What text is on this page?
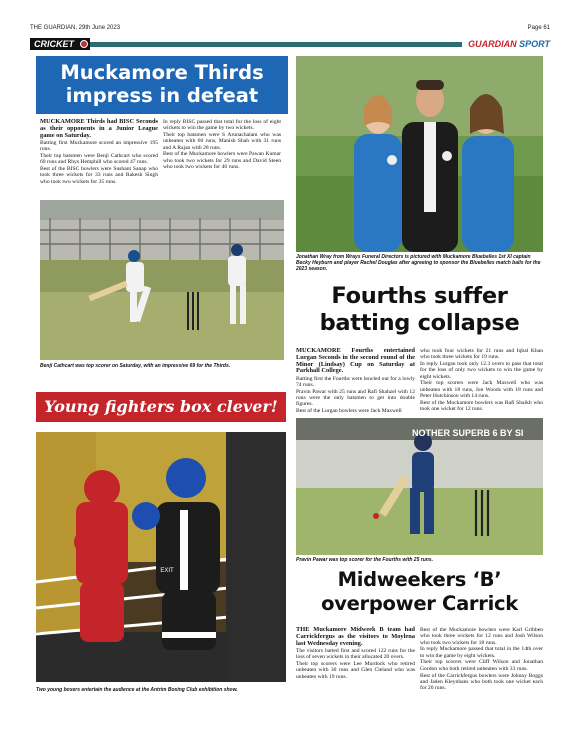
THE GUARDIAN, 29th June 2023	Page 61
CRICKET	GUARDIAN SPORT
Muckamore Thirds impress in defeat

MUCKAMORE Thirds had BISC Seconds as their opponents in a Junior League game on Saturday.

Batting first Muckamore scored an impressive 195 runs.

Their top batsmen were Benji Cathcart who scored 69 runs and Rhys Hemphill who scored 47 runs.

Best of the BISC bowlers were Sushant Sanap who took three wickets for 33 runs and Rakesh Singh who took two wickets for 35 runs.

In reply BISC passed that total for the loss of eight wickets to win the game by two wickets.

Their top batsmen were S Arunachalam who was unbeaten with 60 runs, Manish Shah with 31 runs and A Rajan with 28 runs.

Best of the Muckamore bowlers were Pawan Kumar who took two wickets for 29 runs and David Steen who took two wickets for 46 runs.

Benji Cathcart was top scorer on Saturday, with an impressive 69 for the Thirds.
Jonathan Wray from Wrays Funeral Directors is pictured with Muckamore Bluebelles 1st XI captain Becky Heyburn and player Rachel Douglas after agreeing to sponsor the Bluebelles match balls for the 2023 season.
Fourths suffer batting collapse

MUCKAMORE Fourths entertained Lurgan Seconds in the second round of the Minor (Lindsay) Cup on Saturday at Parkhall College.

Batting first the Fourths were bowled out for a lowly 74 runs.

Pravin Pawar with 25 runs and Rafi Shahzel with 12 runs were the only batsmen to get into double figures.

Best of the Lurgan bowlers were Jack Maxwell

who took four wickets for 21 runs and Iqbal Khan who took three wickets for 19 runs.

In reply Lurgan took only 12.3 overs to pass that total for the loss of only two wickets to win the game by eight wickets.

Their top scorers were Jack Maxwell who was unbeaten with 18 runs, Jon Woods with 18 runs and Peter Hutchinson with 14 runs.

Best of the Muckamore bowlers was Rafi Shaikh who took one wicket for 12 runs.

NOTHER SUPERB 6 BY SI
Pravin Pawar was top scorer for the Fourths with 25 runs.
Young fighters box clever!
EXIT
Two young boxers entertain the audience at the Antrim Boxing Club exhibition show.
Midweekers ‘B’ overpower Carrick

THE Muckamore Midweek B team had Carrickfergus as the visitors to Moylena last Wednesday evening.

The visitors batted first and scored 122 runs for the loss of seven wickets in their allocated 20 overs.

Their top scorers were Lee Murdock who retired unbeaten with 30 runs and Glen Cleland who was unbeaten with 19 runs.

Best of the Muckamore bowlers were Karl Gribben who took three wickets for 12 runs and Josh Wilson who took two wickets for 18 runs.

In reply Muckamore passed that total in the 14th over to win the game by eight wickets.

Their top scorers were Cliff Wilson and Jonathan Gordon who both retired unbeaten with 33 runs.

Best of the Carrickfergus bowlers were Johnny Boggs and Jaden Kleynhans who both took one wicket each for 20 runs.
